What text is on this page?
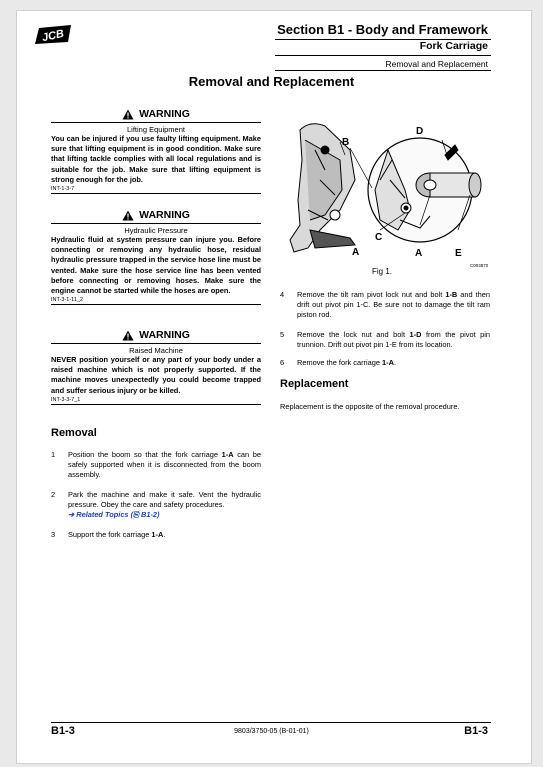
JCB	Section B1 - Body and Framework
Fork Carriage
Removal and Replacement
Removal and Replacement
WARNING
Lifting Equipment
You can be injured if you use faulty lifting equipment. Make sure that lifting equipment is in good condition. Make sure that lifting tackle complies with all local regulations and is suitable for the job. Make sure that lifting equipment is strong enough for the job.
INT-1-3-7
WARNING
Hydraulic Pressure
Hydraulic fluid at system pressure can injure you. Before connecting or removing any hydraulic hose, residual hydraulic pressure trapped in the service hose line must be vented. Make sure the hose service line has been vented before connecting or removing hoses. Make sure the engine cannot be started while the hoses are open.
INT-3-1-11_2
WARNING
Raised Machine
NEVER position yourself or any part of your body under a raised machine which is not properly supported. If the machine moves unexpectedly you could become trapped and suffer serious injury or be killed.
INT-3-3-7_1
Removal
1	Position the boom so that the fork carriage 1-A can be safely supported when it is disconnected from the boom assembly.
2	Park the machine and make it safe. Vent the hydraulic pressure. Obey the care and safety procedures.
➔ Related Topics (⎘ B1-2)
3	Support the fork carriage 1-A.
A
B
C
A
D
E
Fig 1.
C003870
4	Remove the tilt ram pivot lock nut and bolt 1-B and then drift out pivot pin 1-C. Be sure not to damage the tilt ram piston rod.
5	Remove the lock nut and bolt 1-D from the pivot pin trunnion. Drift out pivot pin 1-E from its location.
6	Remove the fork carriage 1-A.
Replacement
Replacement is the opposite of the removal procedure.
B1-3	9803/3750-05 (B-01-01)	B1-3
